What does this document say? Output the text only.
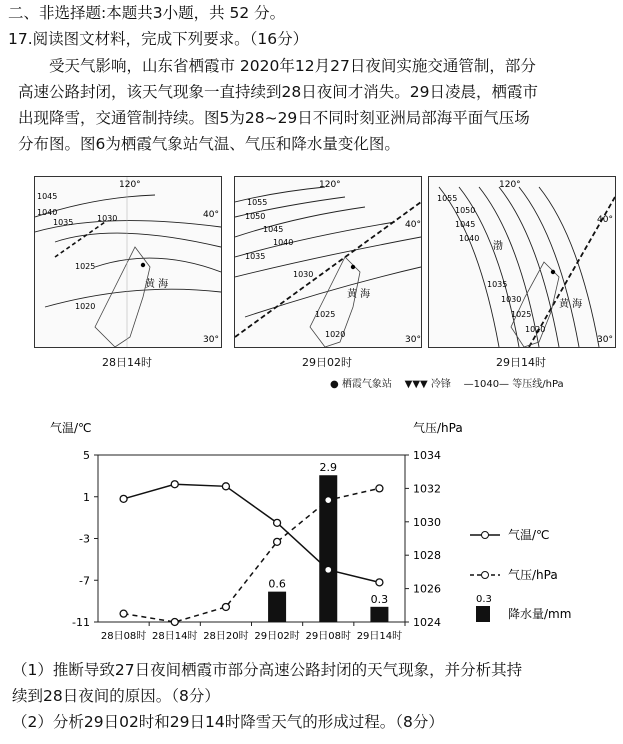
二、非选择题:本题共3小题，共 52 分。
17.阅读图文材料，完成下列要求。（16分）
受天气影响，山东省栖霞市 2020年12月27日夜间实施交通管制，部分
高速公路封闭，该天气现象一直持续到28日夜间才消失。29日凌晨，栖霞市
出现降雪，交通管制持续。图5为28~29日不同时刻亚洲局部海平面气压场
分布图。图6为栖霞气象站气温、气压和降水量变化图。
120°
40°
30°
黄 海
1045
1040
1035	1030
1025
1020
120°
40°
30°
黄 海
1055
1050
1045
1040
1035
1030
1025
1020
120°
40°
30°
黄 海
渤
1055
1050
1045
1040
1035
1030
1025
1020
28日14时	29日02时	29日14时
● 栖霞气象站 ▼▼▼ 冷锋 —1040— 等压线/hPa
气温/℃	气压/hPa
5
1
-3
-7
-11
1034
1032
1030
1028
1026
1024
28日08时 28日14时 28日20时 29日02时 29日08时 29日14时
0.6
2.9
0.3
气温/℃
气压/hPa
0.3
降水量/mm
（1）推断导致27日夜间栖霞市部分高速公路封闭的天气现象，并分析其持
续到28日夜间的原因。（8分）
（2）分析29日02时和29日14时降雪天气的形成过程。（8分）
